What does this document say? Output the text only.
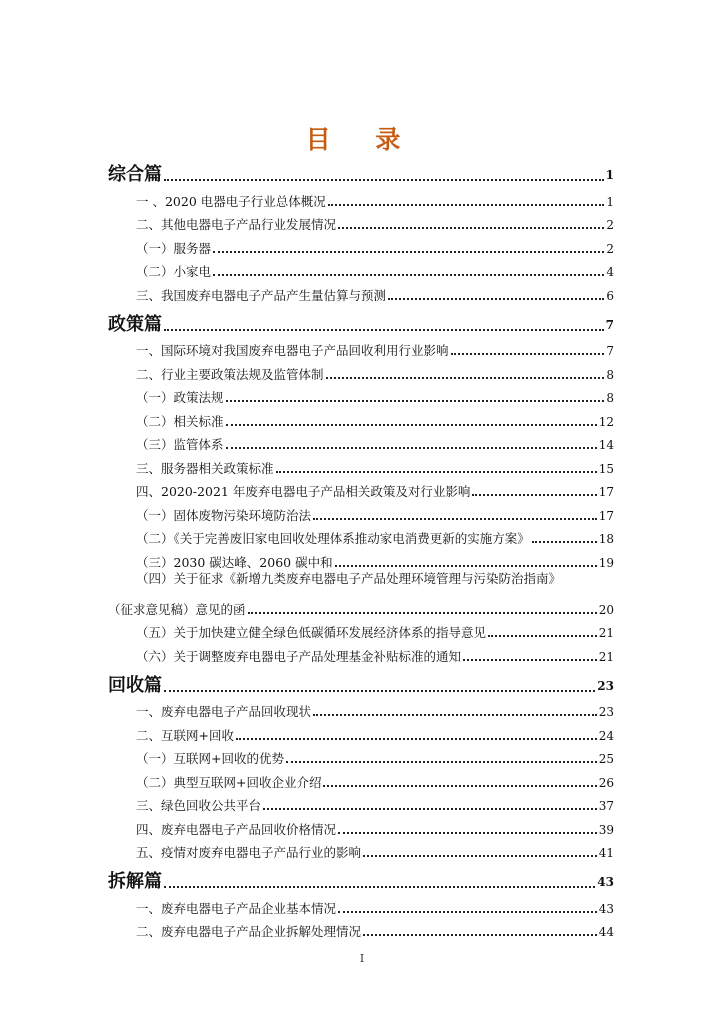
目 录
综合篇	1
一 、2020 电器电子行业总体概况	1
二、其他电器电子产品行业发展情况	2
（一）服务器	2
（二）小家电	4
三、我国废弃电器电子产品产生量估算与预测	6
政策篇	7
一、国际环境对我国废弃电器电子产品回收利用行业影响	7
二、行业主要政策法规及监管体制	8
（一）政策法规	8
（二）相关标准	12
（三）监管体系	14
三、服务器相关政策标准	15
四、2020-2021 年废弃电器电子产品相关政策及对行业影响	17
（一）固体废物污染环境防治法	17
（二）《关于完善废旧家电回收处理体系推动家电消费更新的实施方案》	18
（三）2030 碳达峰、2060 碳中和	19
（四）关于征求《新增九类废弃电器电子产品处理环境管理与污染防治指南》
（征求意见稿）意见的函	20
（五）关于加快建立健全绿色低碳循环发展经济体系的指导意见	21
（六）关于调整废弃电器电子产品处理基金补贴标准的通知	21
回收篇	23
一、废弃电器电子产品回收现状	23
二、互联网+回收	24
（一）互联网+回收的优势	25
（二）典型互联网+回收企业介绍	26
三、绿色回收公共平台	37
四、废弃电器电子产品回收价格情况	39
五、疫情对废弃电器电子产品行业的影响	41
拆解篇	43
一、废弃电器电子产品企业基本情况	43
二、废弃电器电子产品企业拆解处理情况	44
I
